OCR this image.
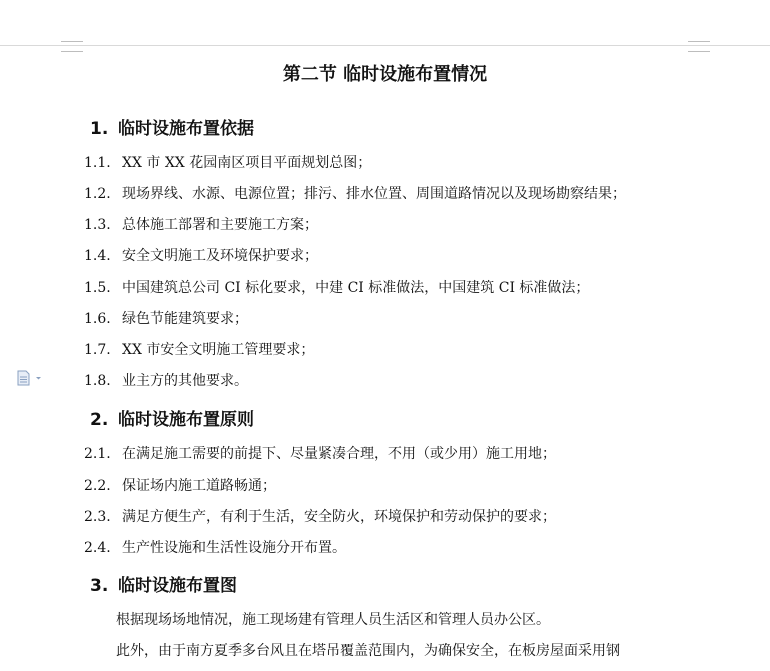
第二节 临时设施布置情况
1. 临时设施布置依据
1.1. XX 市 XX 花园南区项目平面规划总图；
1.2. 现场界线、水源、电源位置；排污、排水位置、周围道路情况以及现场勘察结果；
1.3. 总体施工部署和主要施工方案；
1.4. 安全文明施工及环境保护要求；
1.5. 中国建筑总公司 CI 标化要求，中建 CI 标准做法，中国建筑 CI 标准做法；
1.6. 绿色节能建筑要求；
1.7. XX 市安全文明施工管理要求；
1.8. 业主方的其他要求。
2. 临时设施布置原则
2.1. 在满足施工需要的前提下、尽量紧凑合理，不用（或少用）施工用地；
2.2. 保证场内施工道路畅通；
2.3. 满足方便生产，有利于生活，安全防火，环境保护和劳动保护的要求；
2.4. 生产性设施和生活性设施分开布置。
3. 临时设施布置图
根据现场场地情况，施工现场建有管理人员生活区和管理人员办公区。
此外，由于南方夏季多台风且在塔吊覆盖范围内，为确保安全，在板房屋面采用钢
